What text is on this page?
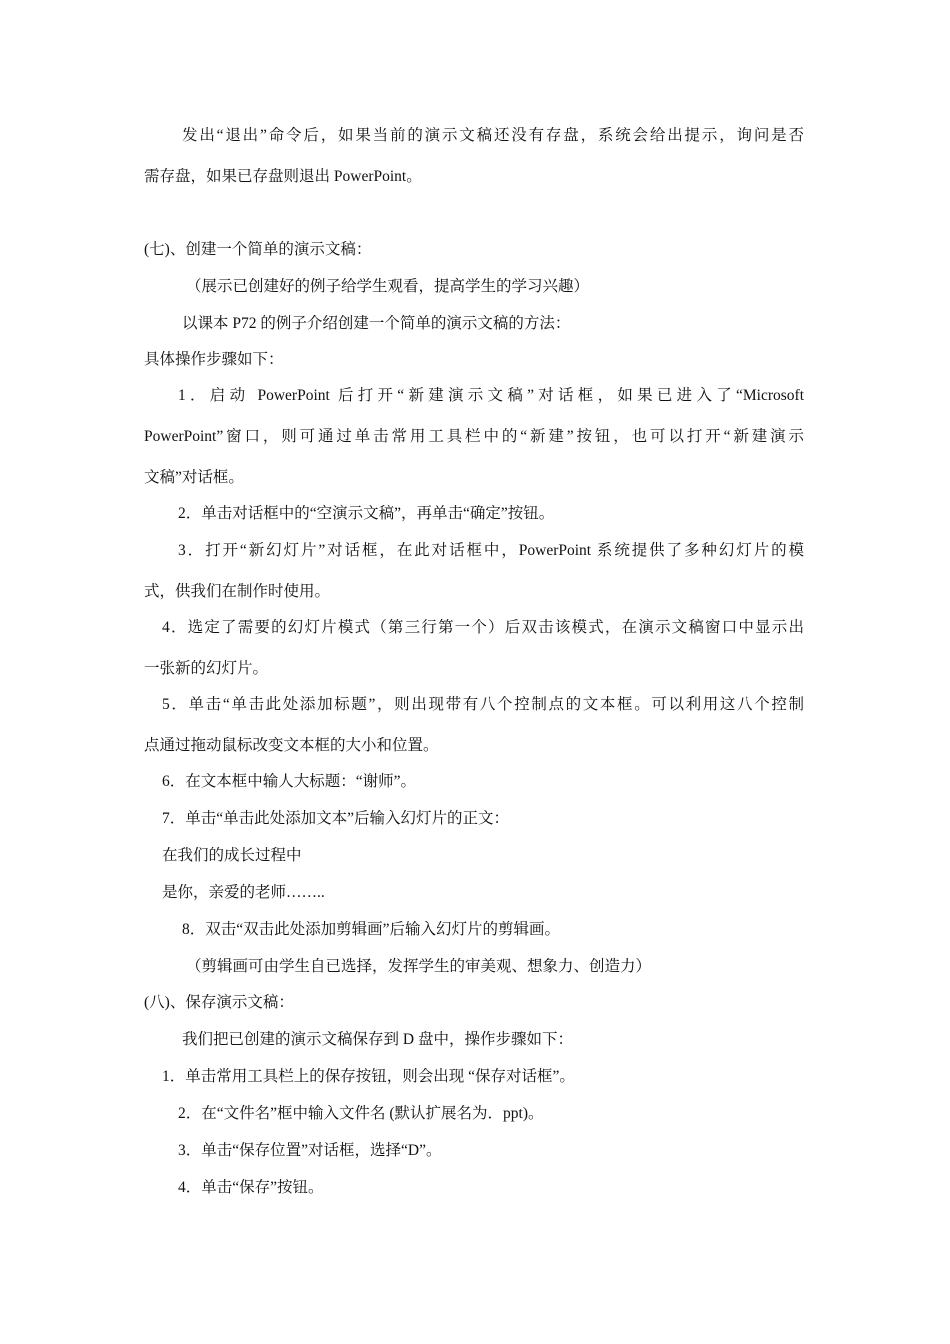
发出“退出”命令后，如果当前的演示文稿还没有存盘，系统会给出提示，询问是否
需存盘，如果已存盘则退出 PowerPoint。
(七)、创建一个简单的演示文稿：
（展示已创建好的例子给学生观看，提高学生的学习兴趣）
以课本 P72 的例子介绍创建一个简单的演示文稿的方法：
具体操作步骤如下：
1．启动 PowerPoint 后打开“新建演示文稿”对话框，如果已进入了“Microsoft
PowerPoint”窗口，则可通过单击常用工具栏中的“新建”按钮，也可以打开“新建演示
文稿”对话框。
2．单击对话框中的“空演示文稿”，再单击“确定”按钮。
3．打开“新幻灯片”对话框，在此对话框中，PowerPoint 系统提供了多种幻灯片的模
式，供我们在制作时使用。
4．选定了需要的幻灯片模式（第三行第一个）后双击该模式，在演示文稿窗口中显示出
一张新的幻灯片。
5．单击“单击此处添加标题”，则出现带有八个控制点的文本框。可以利用这八个控制
点通过拖动鼠标改变文本框的大小和位置。
6．在文本框中输人大标题：“谢师”。
7．单击“单击此处添加文本”后输入幻灯片的正文：
在我们的成长过程中
是你，亲爱的老师……..
8．双击“双击此处添加剪辑画”后输入幻灯片的剪辑画。
（剪辑画可由学生自已选择，发挥学生的审美观、想象力、创造力）
(八)、保存演示文稿：
我们把已创建的演示文稿保存到 D 盘中，操作步骤如下：
1．单击常用工具栏上的保存按钮，则会出现 “保存对话框”。
2．在“文件名”框中输入文件名 (默认扩展名为．ppt)。
3．单击“保存位置”对话框，选择“D”。
4．单击“保存”按钮。
